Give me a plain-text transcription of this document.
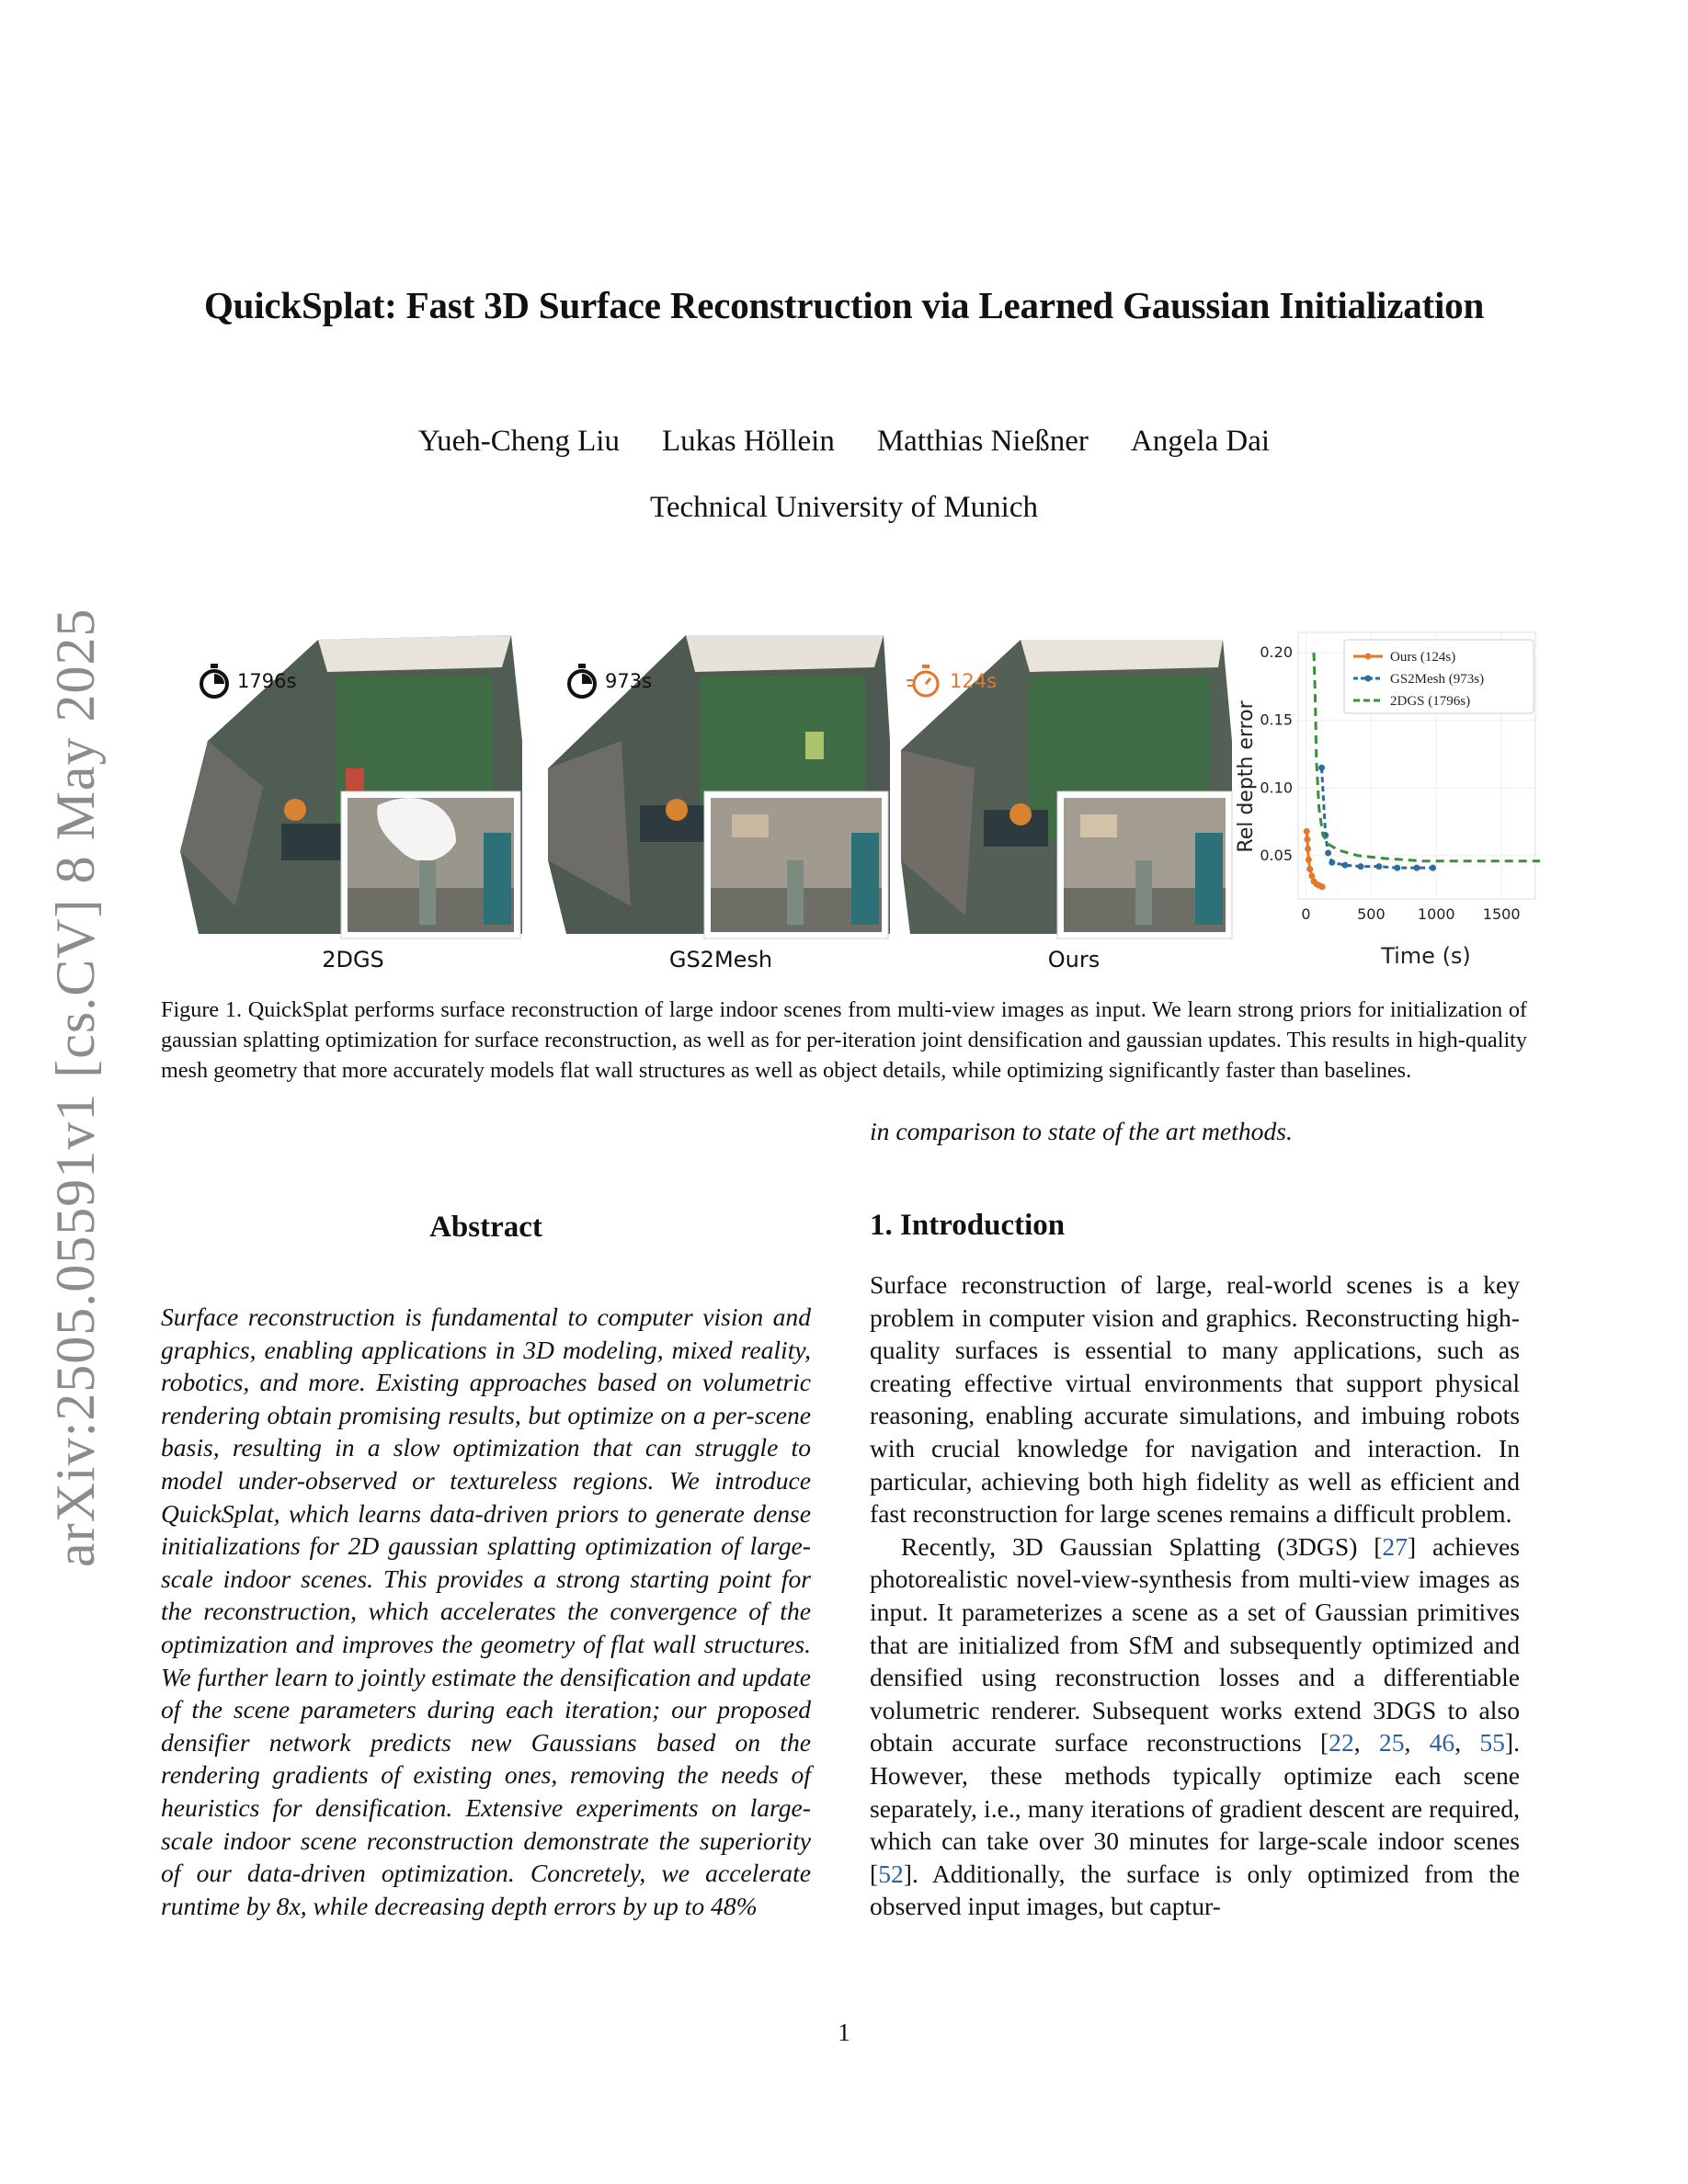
QuickSplat: Fast 3D Surface Reconstruction via Learned Gaussian Initialization
Yueh-Cheng Liu Lukas Höllein Matthias Nießner Angela Dai
Technical University of Munich
arXiv:2505.05591v1 [cs.CV] 8 May 2025	1796s
2DGS
973s
GS2Mesh
124s
Ours
0	500 1000 1500
0.05
0.10
0.15
0.20
Time (s)
Rel depth error
Ours (124s)
GS2Mesh (973s)
2DGS (1796s)
Figure 1. QuickSplat performs surface reconstruction of large indoor scenes from multi-view images as input. We learn strong priors for initialization of gaussian splatting optimization for surface reconstruction, as well as for per-iteration joint densification and gaussian updates. This results in high-quality mesh geometry that more accurately models flat wall structures as well as object details, while optimizing significantly faster than baselines.
Abstract

Surface reconstruction is fundamental to computer vision and graphics, enabling applications in 3D modeling, mixed reality, robotics, and more. Existing approaches based on volumetric rendering obtain promising results, but optimize on a per-scene basis, resulting in a slow optimization that can struggle to model under-observed or textureless regions. We introduce QuickSplat, which learns data-driven priors to generate dense initializations for 2D gaussian splatting optimization of large-scale indoor scenes. This provides a strong starting point for the reconstruction, which accelerates the convergence of the optimization and improves the geometry of flat wall structures. We further learn to jointly estimate the densification and update of the scene parameters during each iteration; our proposed densifier network predicts new Gaussians based on the rendering gradients of existing ones, removing the needs of heuristics for densification. Extensive experiments on large-scale indoor scene reconstruction demonstrate the superiority of our data-driven optimization. Concretely, we accelerate runtime by 8x, while decreasing depth errors by up to 48%

in comparison to state of the art methods.
1. Introduction

Surface reconstruction of large, real-world scenes is a key problem in computer vision and graphics. Reconstructing high-quality surfaces is essential to many applications, such as creating effective virtual environments that support physical reasoning, enabling accurate simulations, and imbuing robots with crucial knowledge for navigation and interaction. In particular, achieving both high fidelity as well as efficient and fast reconstruction for large scenes remains a difficult problem.

Recently, 3D Gaussian Splatting (3DGS) [27] achieves photorealistic novel-view-synthesis from multi-view images as input. It parameterizes a scene as a set of Gaussian primitives that are initialized from SfM and subsequently optimized and densified using reconstruction losses and a differentiable volumetric renderer. Subsequent works extend 3DGS to also obtain accurate surface reconstructions [22, 25, 46, 55]. However, these methods typically optimize each scene separately, i.e., many iterations of gradient descent are required, which can take over 30 minutes for large-scale indoor scenes [52]. Additionally, the surface is only optimized from the observed input images, but captur-

1
